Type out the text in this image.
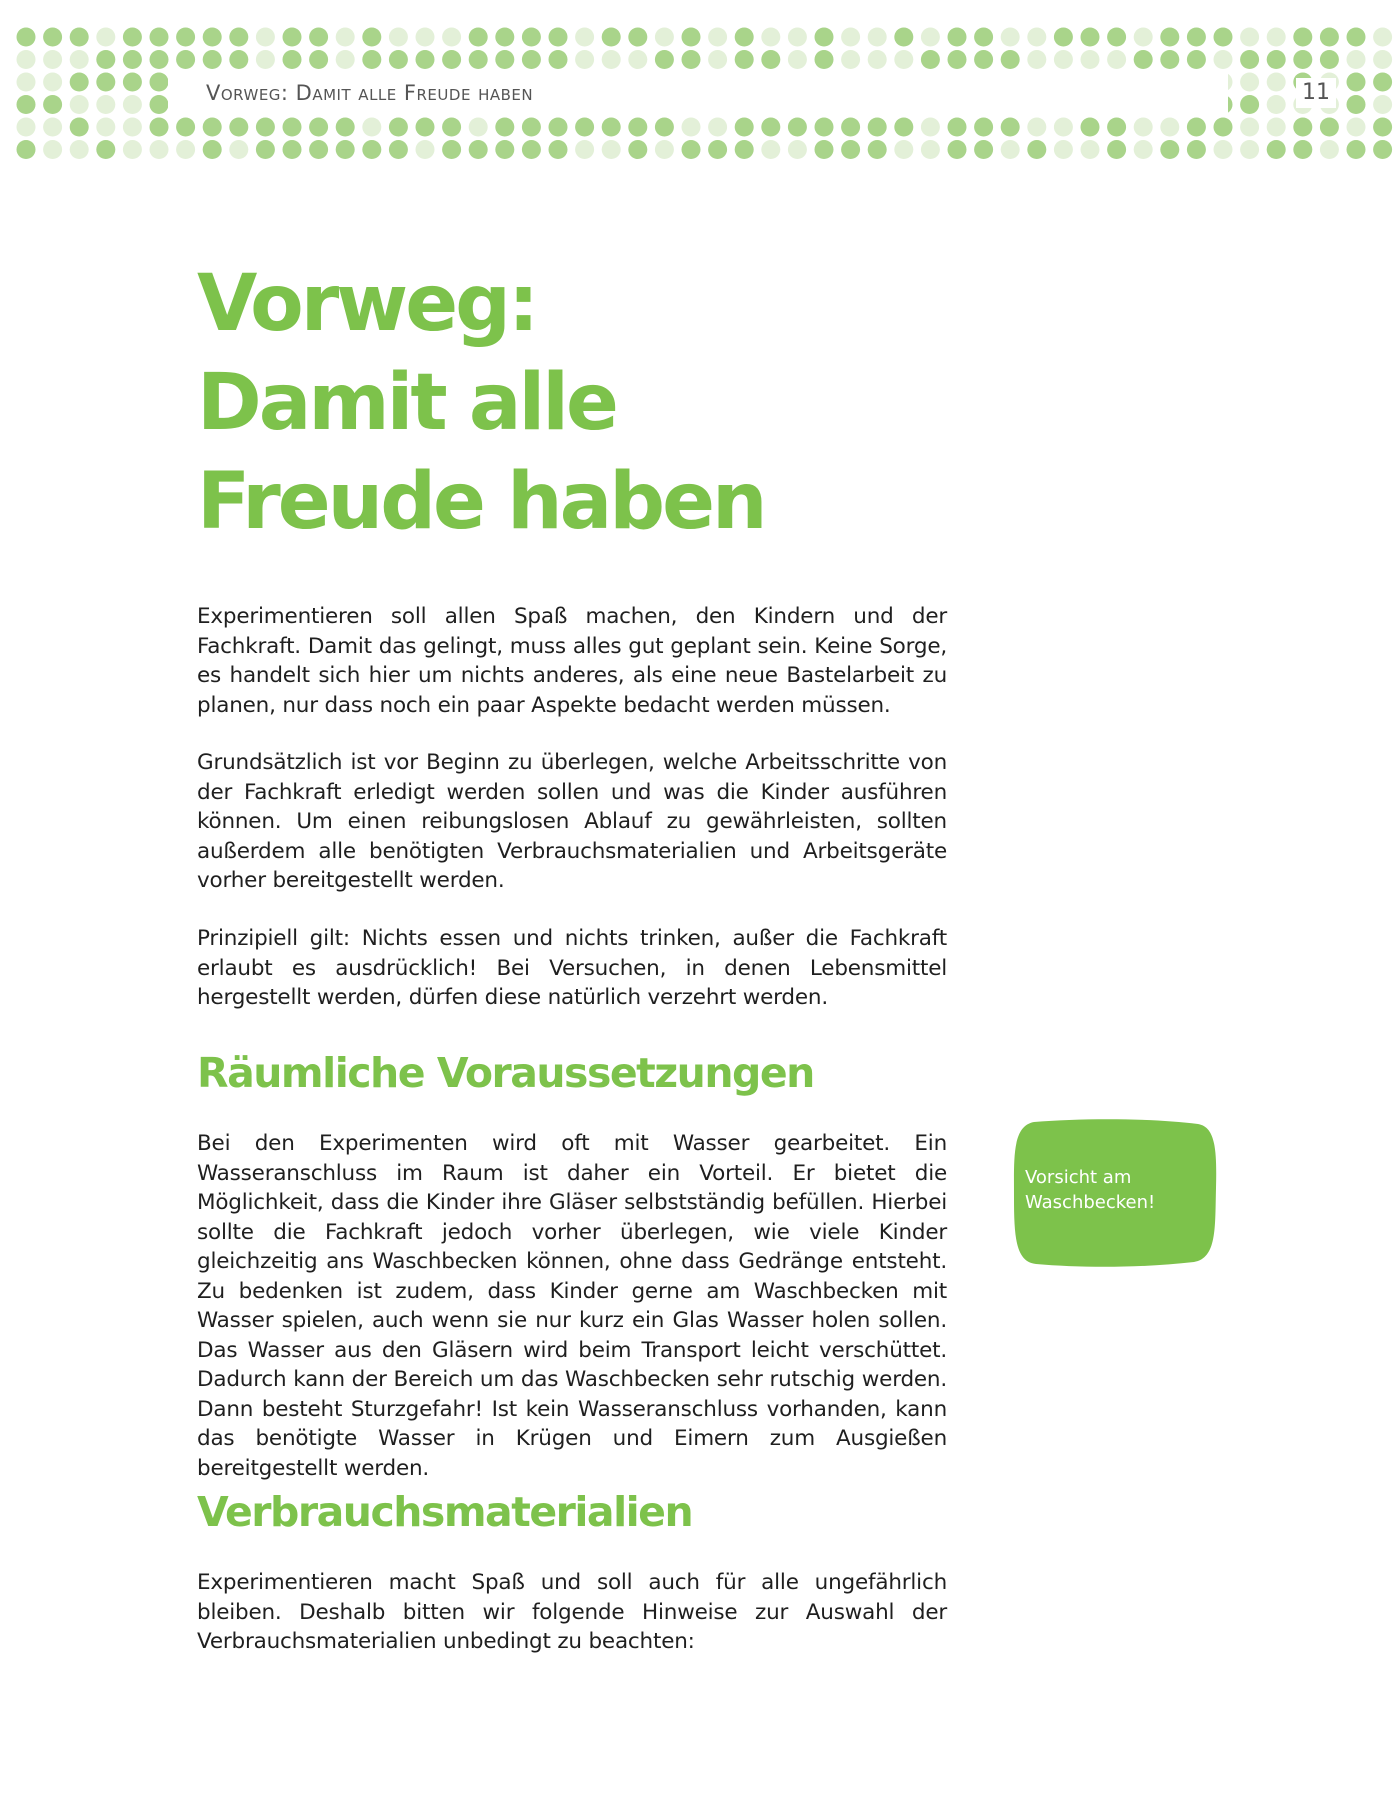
Vorweg: Damit alle Freude haben	11
Vorweg:
Damit alle
Freude haben

Experimentieren soll allen Spaß machen, den Kindern und der Fachkraft. Damit das gelingt, muss alles gut geplant sein. Keine Sorge, es handelt sich hier um nichts anderes, als eine neue Bastelarbeit zu planen, nur dass noch ein paar Aspekte bedacht werden müssen.

Grundsätzlich ist vor Beginn zu überlegen, welche Arbeitsschritte von der Fachkraft erledigt werden sollen und was die Kinder ausführen können. Um einen reibungslosen Ablauf zu gewährleisten, sollten außerdem alle benötigten Verbrauchsmaterialien und Arbeitsgeräte vorher bereitgestellt werden.

Prinzipiell gilt: Nichts essen und nichts trinken, außer die Fachkraft erlaubt es ausdrücklich! Bei Versuchen, in denen Lebensmittel hergestellt werden, dürfen diese natürlich verzehrt werden.

Räumliche Voraussetzungen

Bei den Experimenten wird oft mit Wasser gearbeitet. Ein Wasseranschluss im Raum ist daher ein Vorteil. Er bietet die Möglichkeit, dass die Kinder ihre Gläser selbstständig befüllen. Hierbei sollte die Fachkraft jedoch vorher überlegen, wie viele Kinder gleichzeitig ans Waschbecken können, ohne dass Gedränge entsteht. Zu bedenken ist zudem, dass Kinder gerne am Waschbecken mit Wasser spielen, auch wenn sie nur kurz ein Glas Wasser holen sollen. Das Wasser aus den Gläsern wird beim Transport leicht verschüttet. Dadurch kann der Bereich um das Waschbecken sehr rutschig werden. Dann besteht Sturzgefahr! Ist kein Wasseranschluss vorhanden, kann das benötigte Wasser in Krügen und Eimern zum Ausgießen bereitgestellt werden.

Vorsicht am
Waschbecken!
Verbrauchsmaterialien

Experimentieren macht Spaß und soll auch für alle ungefährlich bleiben. Deshalb bitten wir folgende Hinweise zur Auswahl der Verbrauchsmaterialien unbedingt zu beachten:
